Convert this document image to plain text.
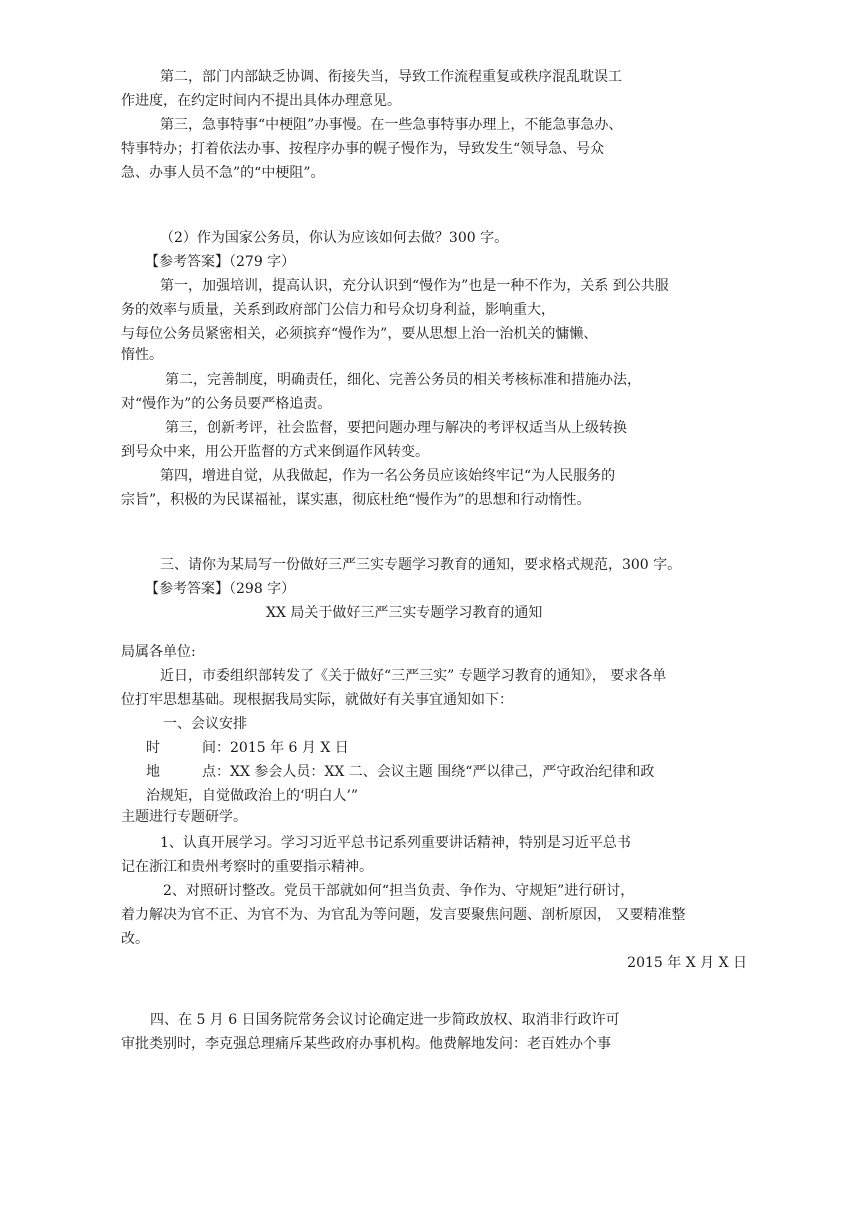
第二，部门内部缺乏协调、衔接失当，导致工作流程重复或秩序混乱耽误工
作进度，在约定时间内不提出具体办理意见。
第三，急事特事“中梗阻”办事慢。在一些急事特事办理上，不能急事急办、
特事特办；打着依法办事、按程序办事的幌子慢作为，导致发生“领导急、号众
急、办事人员不急”的“中梗阻”。
（2）作为国家公务员，你认为应该如何去做？300 字。
【参考答案】（279 字）
第一，加强培训，提高认识，充分认识到“慢作为”也是一种不作为，关系 到公共服
务的效率与质量，关系到政府部门公信力和号众切身利益，影响重大，
与每位公务员紧密相关，必须摈弃“慢作为”，要从思想上治一治机关的慵懒、
惰性。
第二，完善制度，明确责任，细化、完善公务员的相关考核标准和措施办法，
对“慢作为”的公务员要严格追责。
第三，创新考评，社会监督，要把问题办理与解决的考评权适当从上级转换
到号众中来，用公开监督的方式来倒逼作风转变。
第四，增进自觉，从我做起，作为一名公务员应该始终牢记“为人民服务的
宗旨”，积极的为民谋福祉，谋实惠，彻底杜绝“慢作为”的思想和行动惰性。
三、请你为某局写一份做好三严三实专题学习教育的通知，要求格式规范，300 字。
【参考答案】（298 字）
XX 局关于做好三严三实专题学习教育的通知
局属各单位:
近日，市委组织部转发了《关于做好“三严三实” 专题学习教育的通知》， 要求各单
位打牢思想基础。现根据我局实际，就做好有关事宜通知如下：
一、会议安排
时　　　间：2015 年 6 月 X 日
地　　　点：XX 参会人员：XX 二、会议主题 围绕“严以律己，严守政治纪律和政
治规矩，自觉做政治上的‘明白人’”
主题进行专题研学。
1、认真开展学习。学习习近平总书记系列重要讲话精神，特别是习近平总书
记在浙江和贵州考察时的重要指示精神。
2、对照研讨整改。党员干部就如何“担当负责、争作为、守规矩”进行研讨，
着力解决为官不正、为官不为、为官乱为等问题，发言要聚焦问题、剖析原因， 又要精准整
改。
2015 年 X 月 X 日
四、在 5 月 6 日国务院常务会议讨论确定进一步简政放权、取消非行政许可
审批类别时，李克强总理痛斥某些政府办事机构。他费解地发问：老百姓办个事
